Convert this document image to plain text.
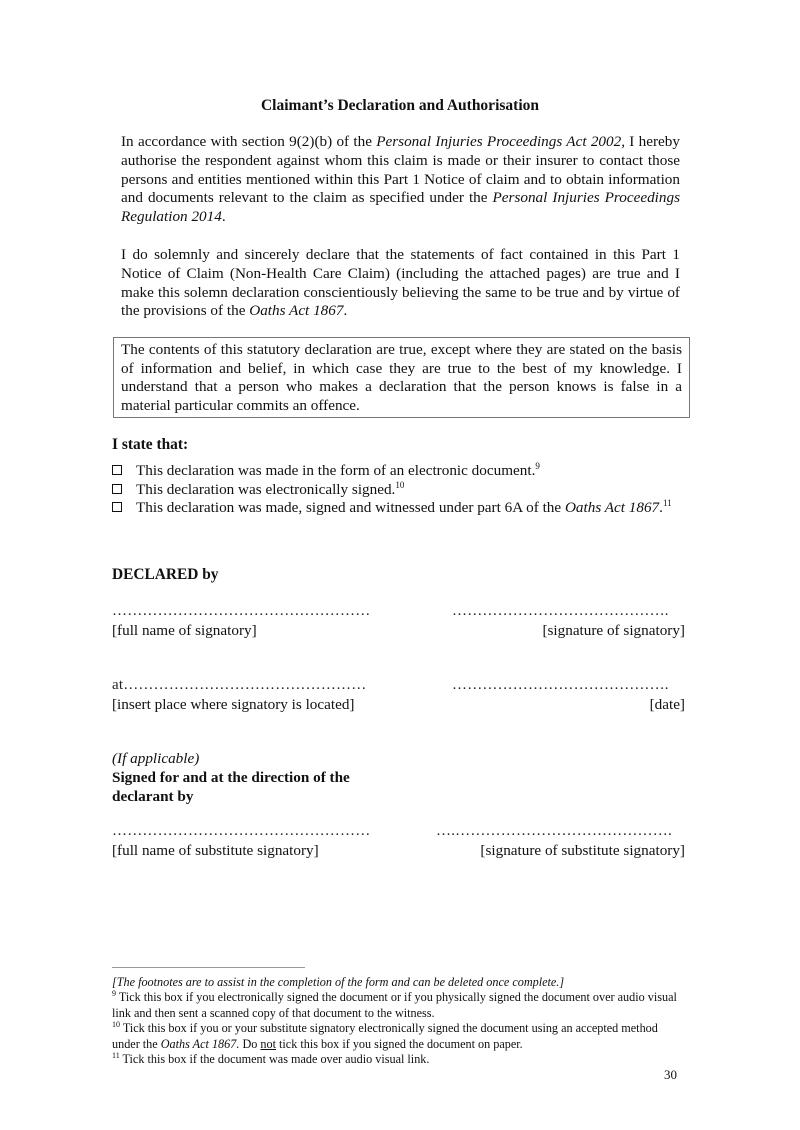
Claimant’s Declaration and Authorisation
In accordance with section 9(2)(b) of the Personal Injuries Proceedings Act 2002, I hereby authorise the respondent against whom this claim is made or their insurer to contact those persons and entities mentioned within this Part 1 Notice of claim and to obtain information and documents relevant to the claim as specified under the Personal Injuries Proceedings Regulation 2014.
I do solemnly and sincerely declare that the statements of fact contained in this Part 1 Notice of Claim (Non-Health Care Claim) (including the attached pages) are true and I make this solemn declaration conscientiously believing the same to be true and by virtue of the provisions of the Oaths Act 1867.
The contents of this statutory declaration are true, except where they are stated on the basis of information and belief, in which case they are true to the best of my knowledge. I understand that a person who makes a declaration that the person knows is false in a material particular commits an offence.
I state that:
This declaration was made in the form of an electronic document.$^9$
This declaration was electronically signed.$^{10}$
This declaration was made, signed and witnessed under part 6A of the Oaths Act 1867.11
DECLARED by
……………………………………………	…………………………………….
[full name of signatory]	[signature of signatory]
at…………………………………………	…………………………………….
[insert place where signatory is located]	[date]
(If applicable)
Signed for and at the direction of the
declarant by
……………………………………………	….…………………………………….
[full name of substitute signatory]	[signature of substitute signatory]
[The footnotes are to assist in the completion of the form and can be deleted once complete.]
$^9$ Tick this box if you electronically signed the document or if you physically signed the document over audio visual link and then sent a scanned copy of that document to the witness.
$^{10}$ Tick this box if you or your substitute signatory electronically signed the document using an accepted method under the Oaths Act 1867. Do not tick this box if you signed the document on paper.
$^{11}$ Tick this box if the document was made over audio visual link.
30
